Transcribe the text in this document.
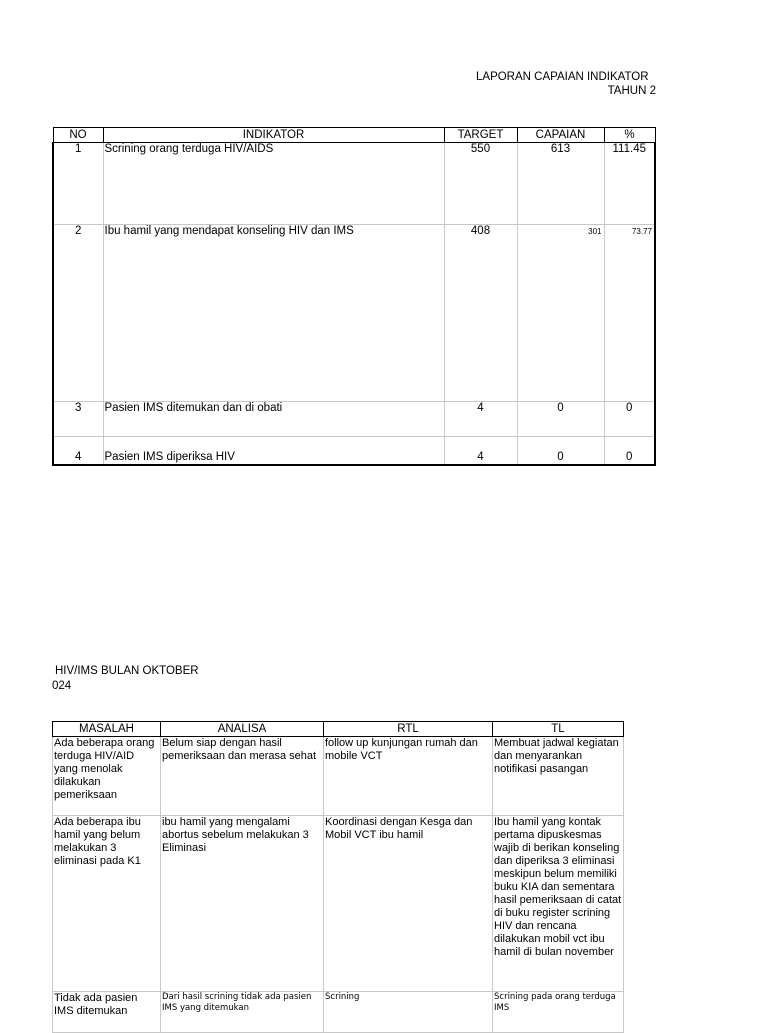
LAPORAN CAPAIAN INDIKATOR
TAHUN 2
NO	INDIKATOR	TARGET	CAPAIAN	%
1	Scrining orang terduga HIV/AIDS	550	613	111.45
2	Ibu hamil yang mendapat konseling HIV dan IMS	408	301	73.77
3	Pasien IMS ditemukan dan di obati	4	0	0
4	Pasien IMS diperiksa HIV	4	0	0
HIV/IMS BULAN OKTOBER
024
MASALAH	ANALISA	RTL	TL
Ada beberapa orang terduga HIV/AID yang menolak dilakukan pemeriksaan	Belum siap dengan hasil pemeriksaan dan merasa sehat	follow up kunjungan rumah dan mobile VCT	Membuat jadwal kegiatan dan menyarankan notifikasi pasangan
Ada beberapa ibu hamil yang belum melakukan 3 eliminasi pada K1	ibu hamil yang mengalami abortus sebelum melakukan 3 Eliminasi	Koordinasi dengan Kesga dan Mobil VCT ibu hamil	Ibu hamil yang kontak pertama dipuskesmas wajib di berikan konseling dan diperiksa 3 eliminasi meskipun belum memiliki buku KIA dan sementara hasil pemeriksaan di catat di buku register scrining HIV dan rencana dilakukan mobil vct ibu hamil di bulan november
Tidak ada pasien IMS ditemukan	Dari hasil scrining tidak ada pasien IMS yang ditemukan	Scrining	Scrining pada orang terduga IMS
